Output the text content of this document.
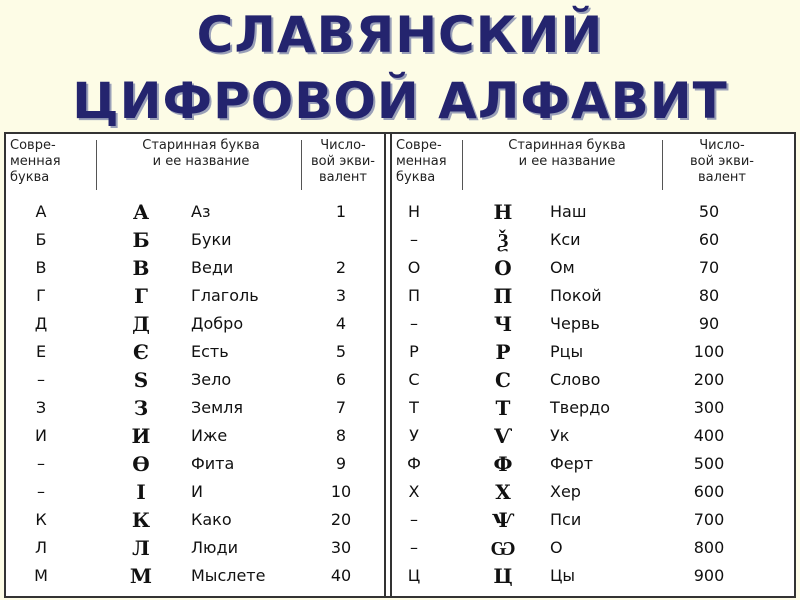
СЛАВЯНСКИЙ
ЦИФРОВОЙ АЛФАВИТ
Совре-
менная
буква
Старинная буква
и ее название
Число-
вой экви-
валент
А	А	Аз	1
Б	Б	Буки
В	В	Веди	2
Г	Г	Глаголь	3
Д	Д	Добро	4
Е	Є	Есть	5
–	Ѕ	Зело	6
З	З	Земля	7
И	И	Иже	8
–	Ѳ	Фита	9
–	І	И	10
К	К	Како	20
Л	Л	Люди	30
М	М	Мыслете	40
Совре-
менная
буква
Старинная буква
и ее название
Число-
вой экви-
валент
Н	Н	Наш	50
–	Ѯ	Кси	60
О	О	Ом	70
П	П	Покой	80
–	Ч	Червь	90
Р	Р	Рцы	100
С	С	Слово	200
Т	Т	Твердо	300
У	Ѵ	Ук	400
Ф	Ф	Ферт	500
Х	Х	Хер	600
–	Ѱ	Пси	700
–	Ѡ	О	800
Ц	Ц	Цы	900
